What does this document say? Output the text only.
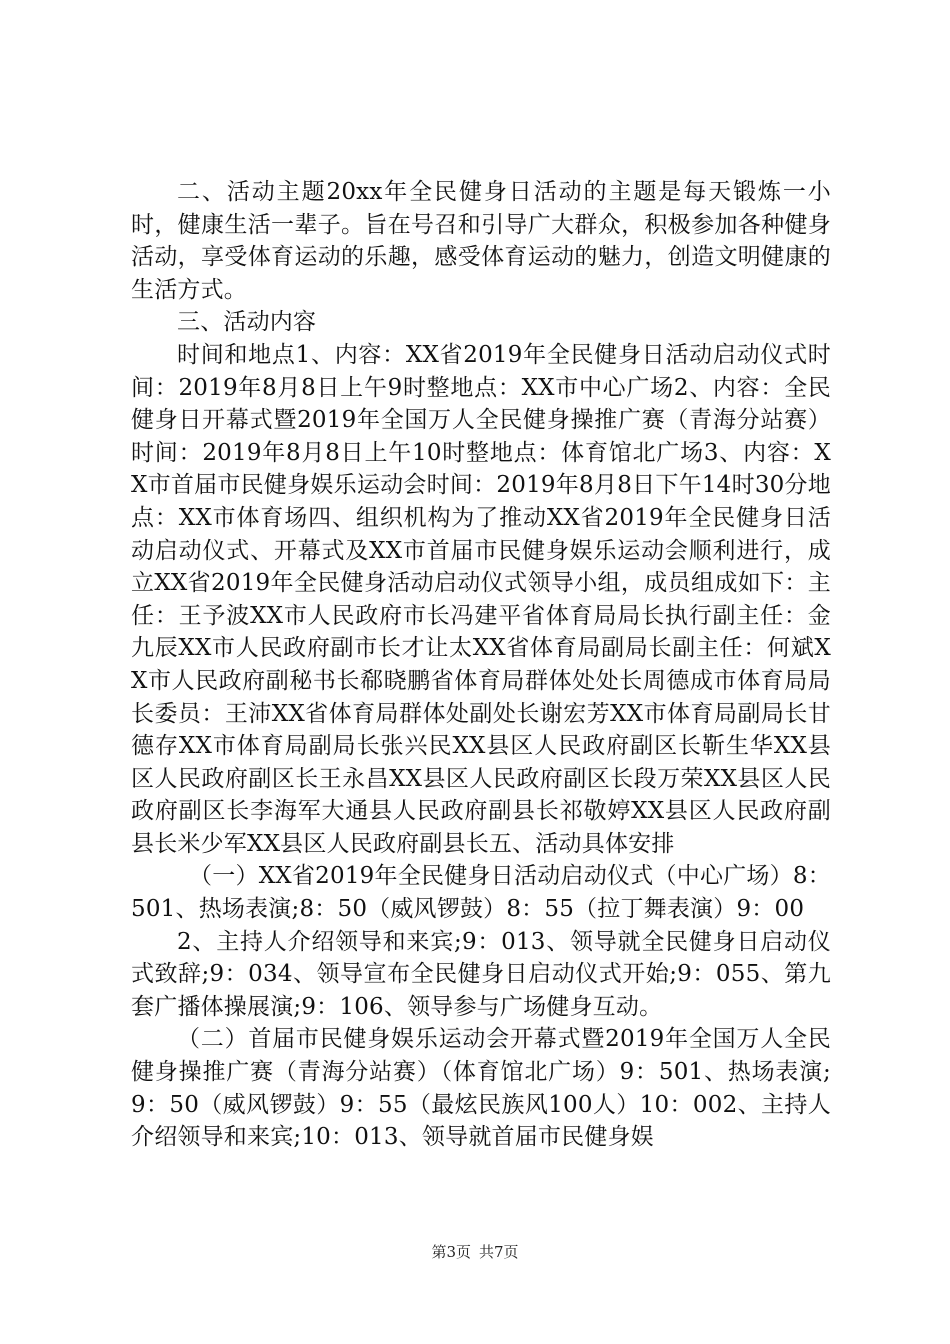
二、活动主题20xx年全民健身日活动的主题是每天锻炼一小时，健康生活一辈子。旨在号召和引导广大群众，积极参加各种健身活动，享受体育运动的乐趣，感受体育运动的魅力，创造文明健康的生活方式。

三、活动内容

时间和地点1、内容：XX省2019年全民健身日活动启动仪式时间：2019年8月8日上午9时整地点：XX市中心广场2、内容：全民健身日开幕式暨2019年全国万人全民健身操推广赛（青海分站赛）时间：2019年8月8日上午10时整地点：体育馆北广场3、内容：XX市首届市民健身娱乐运动会时间：2019年8月8日下午14时30分地点：XX市体育场四、组织机构为了推动XX省2019年全民健身日活动启动仪式、开幕式及XX市首届市民健身娱乐运动会顺利进行，成立XX省2019年全民健身活动启动仪式领导小组，成员组成如下：主任：王予波XX市人民政府市长冯建平省体育局局长执行副主任：金九辰XX市人民政府副市长才让太XX省体育局副局长副主任：何斌XX市人民政府副秘书长郗晓鹏省体育局群体处处长周德成市体育局局长委员：王沛XX省体育局群体处副处长谢宏芳XX市体育局副局长甘德存XX市体育局副局长张兴民XX县区人民政府副区长靳生华XX县区人民政府副区长王永昌XX县区人民政府副区长段万荣XX县区人民政府副区长李海军大通县人民政府副县长祁敬婷XX县区人民政府副县长米少军XX县区人民政府副县长五、活动具体安排

（一）XX省2019年全民健身日活动启动仪式（中心广场）8：501、热场表演;8：50（威风锣鼓）8：55（拉丁舞表演）9：00

2、主持人介绍领导和来宾;9：013、领导就全民健身日启动仪式致辞;9：034、领导宣布全民健身日启动仪式开始;9：055、第九套广播体操展演;9：106、领导参与广场健身互动。

（二）首届市民健身娱乐运动会开幕式暨2019年全国万人全民健身操推广赛（青海分站赛）（体育馆北广场）9：501、热场表演;9：50（威风锣鼓）9：55（最炫民族风100人）10：002、主持人介绍领导和来宾;10：013、领导就首届市民健身娱

第3页 共7页
